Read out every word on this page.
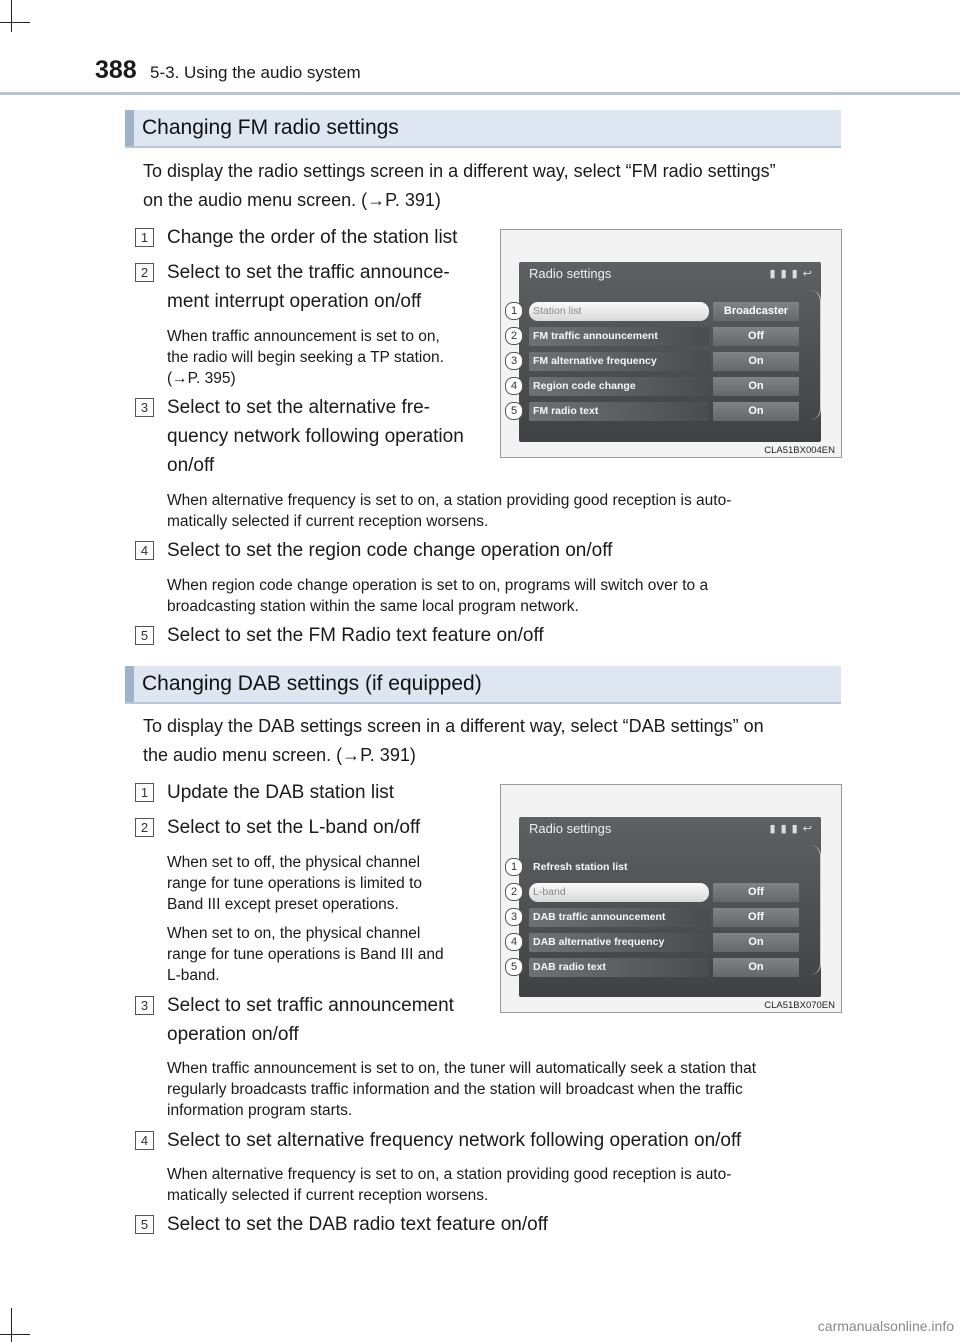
388 5-3. Using the audio system
Changing FM radio settings
To display the radio settings screen in a different way, select “FM radio settings”
on the audio menu screen. (→P. 391)
1 Change the order of the station list
2 Select to set the traffic announce-
ment interrupt operation on/off
When traffic announcement is set to on,
the radio will begin seeking a TP station.
(→P. 395)
3 Select to set the alternative fre-
quency network following operation
on/off
When alternative frequency is set to on, a station providing good reception is auto-
matically selected if current reception worsens.
4 Select to set the region code change operation on/off
When region code change operation is set to on, programs will switch over to a
broadcasting station within the same local program network.
5 Select to set the FM Radio text feature on/off
Radio settings	▮ ▮ ▮ ↩
Station list	Broadcaster
FM traffic announcement	Off
FM alternative frequency	On
Region code change	On
FM radio text	On
1
2
3
4
5
CLA51BX004EN
Changing DAB settings (if equipped)
To display the DAB settings screen in a different way, select “DAB settings” on
the audio menu screen. (→P. 391)
1 Update the DAB station list
2 Select to set the L-band on/off
When set to off, the physical channel
range for tune operations is limited to
Band III except preset operations.
When set to on, the physical channel
range for tune operations is Band III and
L-band.
3 Select to set traffic announcement
operation on/off
When traffic announcement is set to on, the tuner will automatically seek a station that
regularly broadcasts traffic information and the station will broadcast when the traffic
information program starts.
4 Select to set alternative frequency network following operation on/off
When alternative frequency is set to on, a station providing good reception is auto-
matically selected if current reception worsens.
5 Select to set the DAB radio text feature on/off
Radio settings	▮ ▮ ▮ ↩
Refresh station list
L-band	Off
DAB traffic announcement	Off
DAB alternative frequency	On
DAB radio text	On
1
2
3
4
5
CLA51BX070EN
carmanualsonline.info
